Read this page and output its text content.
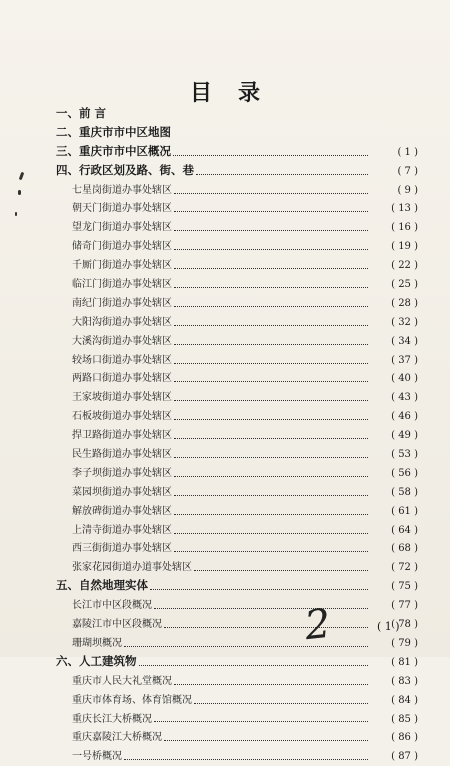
目录
一、前 言
二、重庆市市中区地图
三、重庆市市中区概况	( 1 )
四、行政区划及路、街、巷	( 7 )
七星岗街道办事处辖区	( 9 )
朝天门街道办事处辖区	( 13 )
望龙门街道办事处辖区	( 16 )
储奇门街道办事处辖区	( 19 )
千厮门街道办事处辖区	( 22 )
临江门街道办事处辖区	( 25 )
南纪门街道办事处辖区	( 28 )
大阳沟街道办事处辖区	( 32 )
大溪沟街道办事处辖区	( 34 )
较场口街道办事处辖区	( 37 )
两路口街道办事处辖区	( 40 )
王家坡街道办事处辖区	( 43 )
石板坡街道办事处辖区	( 46 )
捍卫路街道办事处辖区	( 49 )
民生路街道办事处辖区	( 53 )
李子坝街道办事处辖区	( 56 )
菜园坝街道办事处辖区	( 58 )
解放碑街道办事处辖区	( 61 )
上清寺街道办事处辖区	( 64 )
西三街街道办事处辖区	( 68 )
张家花园街道办道事处辖区	( 72 )
五、自然地理实体	( 75 )
长江市中区段概况	( 77 )
嘉陵江市中区段概况	( 78 )
珊瑚坝概况	( 79 )
六、人工建筑物	( 81 )
重庆市人民大礼堂概况	( 83 )
重庆市体育场、体育馆概况	( 84 )
重庆长江大桥概况	( 85 )
重庆嘉陵江大桥概况	( 86 )
一号桥概况	( 87 )
2	( 1 )
